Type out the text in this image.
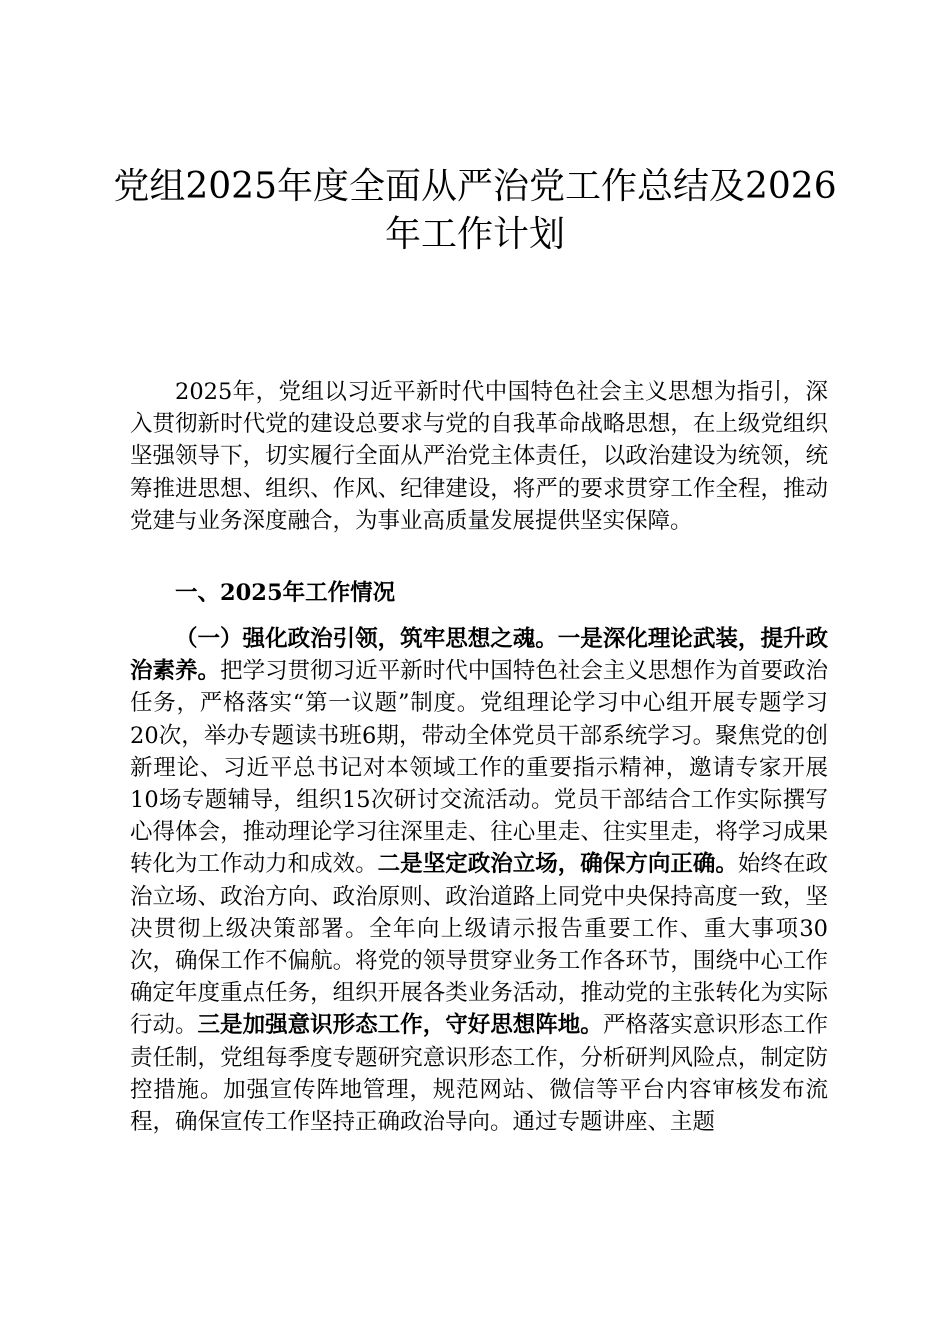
党组2025年度全面从严治党工作总结及2026
年工作计划

2025年，党组以习近平新时代中国特色社会主义思想为指引，深入贯彻新时代党的建设总要求与党的自我革命战略思想，在上级党组织坚强领导下，切实履行全面从严治党主体责任，以政治建设为统领，统筹推进思想、组织、作风、纪律建设，将严的要求贯穿工作全程，推动党建与业务深度融合，为事业高质量发展提供坚实保障。

一、2025年工作情况

（一）强化政治引领，筑牢思想之魂。一是深化理论武装，提升政治素养。把学习贯彻习近平新时代中国特色社会主义思想作为首要政治任务，严格落实“第一议题”制度。党组理论学习中心组开展专题学习20次，举办专题读书班6期，带动全体党员干部系统学习。聚焦党的创新理论、习近平总书记对本领域工作的重要指示精神，邀请专家开展10场专题辅导，组织15次研讨交流活动。党员干部结合工作实际撰写心得体会，推动理论学习往深里走、往心里走、往实里走，将学习成果转化为工作动力和成效。二是坚定政治立场，确保方向正确。始终在政治立场、政治方向、政治原则、政治道路上同党中央保持高度一致，坚决贯彻上级决策部署。全年向上级请示报告重要工作、重大事项30次，确保工作不偏航。将党的领导贯穿业务工作各环节，围绕中心工作确定年度重点任务，组织开展各类业务活动，推动党的主张转化为实际行动。三是加强意识形态工作，守好思想阵地。严格落实意识形态工作责任制，党组每季度专题研究意识形态工作，分析研判风险点，制定防控措施。加强宣传阵地管理，规范网站、微信等平台内容审核发布流程，确保宣传工作坚持正确政治导向。通过专题讲座、主题
